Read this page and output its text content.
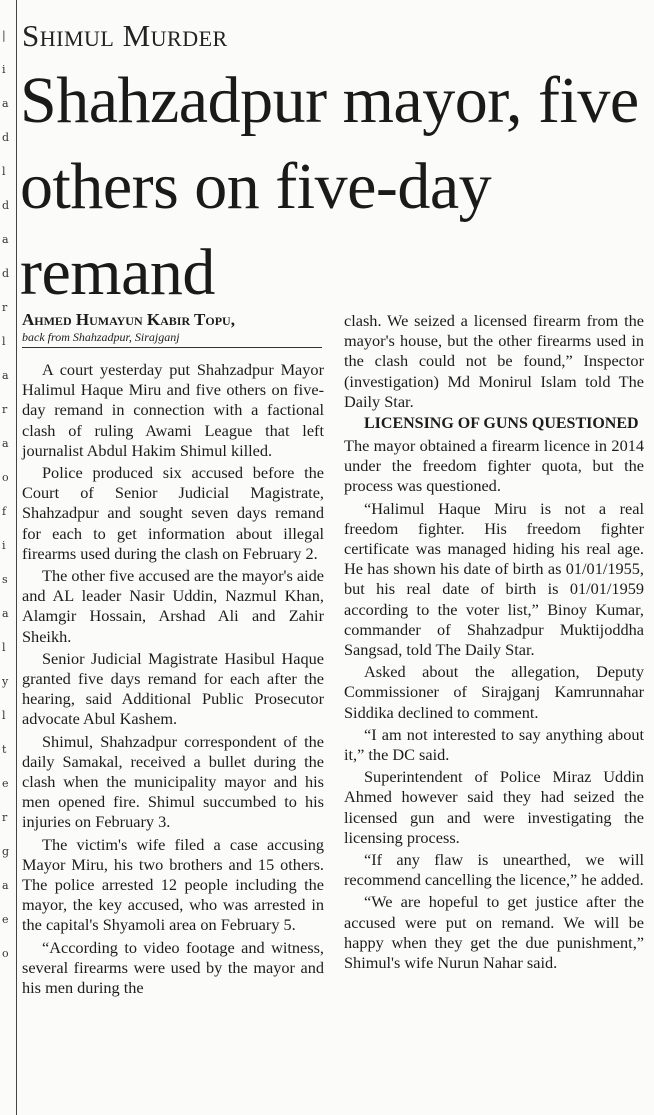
|
i
a
d
l
d
a
d
r
l
a
r
a
o
f
i
s
a
l
y
l
t
e
r
g
a
e
o
Shimul Murder
Shahzadpur mayor, five others on five-day remand
Ahmed Humayun Kabir Topu,
back from Shahzadpur, Sirajganj

A court yesterday put Shahzadpur Mayor Halimul Haque Miru and five others on five-day remand in connection with a factional clash of ruling Awami League that left journalist Abdul Hakim Shimul killed.

Police produced six accused before the Court of Senior Judicial Magistrate, Shahzadpur and sought seven days remand for each to get information about illegal firearms used during the clash on February 2.

The other five accused are the mayor's aide and AL leader Nasir Uddin, Nazmul Khan, Alamgir Hossain, Arshad Ali and Zahir Sheikh.

Senior Judicial Magistrate Hasibul Haque granted five days remand for each after the hearing, said Additional Public Prosecutor advocate Abul Kashem.

Shimul, Shahzadpur correspondent of the daily Samakal, received a bullet during the clash when the municipality mayor and his men opened fire. Shimul succumbed to his injuries on February 3.

The victim's wife filed a case accusing Mayor Miru, his two brothers and 15 others. The police arrested 12 people including the mayor, the key accused, who was arrested in the capital's Shyamoli area on February 5.

“According to video footage and witness, several firearms were used by the mayor and his men during the

clash. We seized a licensed firearm from the mayor's house, but the other firearms used in the clash could not be found,” Inspector (investigation) Md Monirul Islam told The Daily Star.

LICENSING OF GUNS QUESTIONED

The mayor obtained a firearm licence in 2014 under the freedom fighter quota, but the process was questioned.

“Halimul Haque Miru is not a real freedom fighter. His freedom fighter certificate was managed hiding his real age. He has shown his date of birth as 01/01/1955, but his real date of birth is 01/01/1959 according to the voter list,” Binoy Kumar, commander of Shahzadpur Muktijoddha Sangsad, told The Daily Star.

Asked about the allegation, Deputy Commissioner of Sirajganj Kamrunnahar Siddika declined to comment.

“I am not interested to say anything about it,” the DC said.

Superintendent of Police Miraz Uddin Ahmed however said they had seized the licensed gun and were investigating the licensing process.

“If any flaw is unearthed, we will recommend cancelling the licence,” he added.

“We are hopeful to get justice after the accused were put on remand. We will be happy when they get the due punishment,” Shimul's wife Nurun Nahar said.
